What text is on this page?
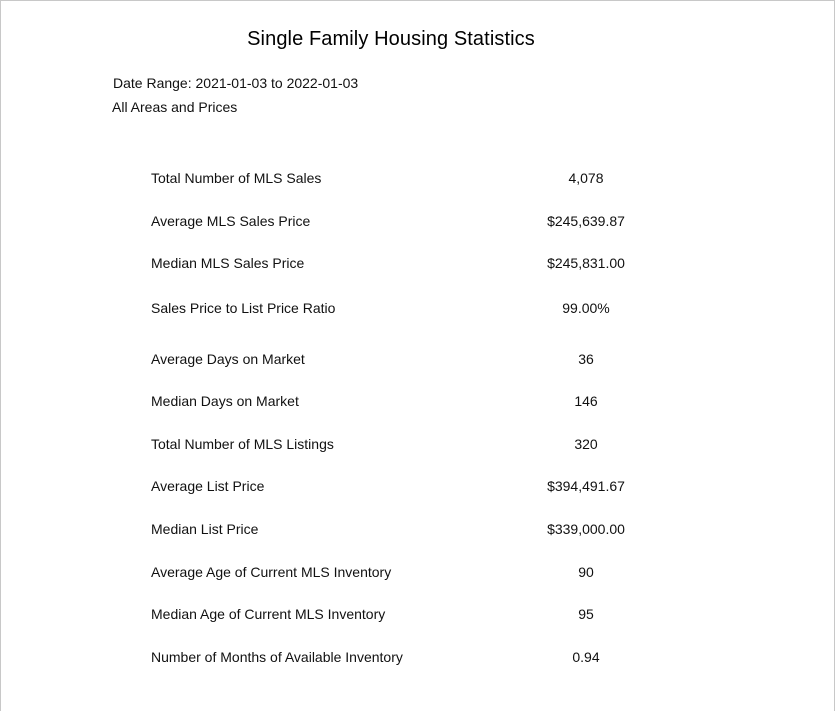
Single Family Housing Statistics
Date Range: 2021-01-03 to 2022-01-03
All Areas and Prices
Total Number of MLS Sales	4,078
Average MLS Sales Price	$245,639.87
Median MLS Sales Price	$245,831.00
Sales Price to List Price Ratio	99.00%
Average Days on Market	36
Median Days on Market	146
Total Number of MLS Listings	320
Average List Price	$394,491.67
Median List Price	$339,000.00
Average Age of Current MLS Inventory	90
Median Age of Current MLS Inventory	95
Number of Months of Available Inventory	0.94
